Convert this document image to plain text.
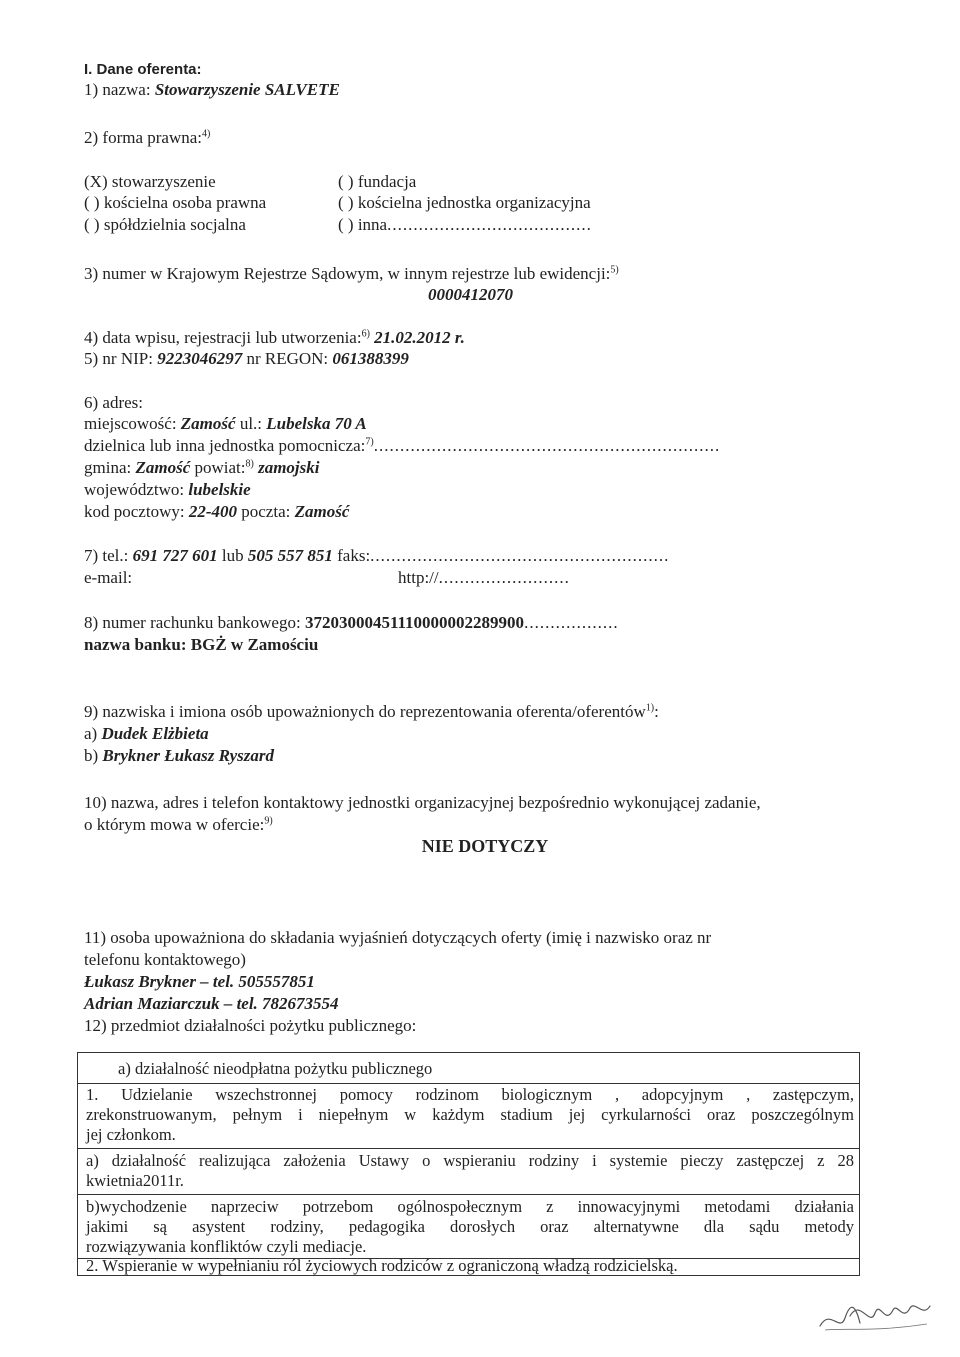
I. Dane oferenta:
1) nazwa: Stowarzyszenie SALVETE
2) forma prawna:$^{4)}$
(X) stowarzyszenie	( ) fundacja
( ) kościelna osoba prawna	( ) kościelna jednostka organizacyjna
( ) spółdzielnia socjalna	( ) inna.......................................
3) numer w Krajowym Rejestrze Sądowym, w innym rejestrze lub ewidencji:$^{5)}$
0000412070
4) data wpisu, rejestracji lub utworzenia:$^{6)}$ 21.02.2012 r.
5) nr NIP: 9223046297 nr REGON: 061388399
6) adres:
miejscowość: Zamość ul.: Lubelska 70 A
dzielnica lub inna jednostka pomocnicza:$^{7)}$..................................................................
gmina: Zamość powiat:$^{8)}$ zamojski
województwo: lubelskie
kod pocztowy: 22-400 poczta: Zamość
7) tel.: 691 727 601 lub 505 557 851 faks:.........................................................
e-mail:	http://.........................
8) numer rachunku bankowego: 37203000451110000002289900..................
nazwa banku: BGŻ w Zamościu
9) nazwiska i imiona osób upoważnionych do reprezentowania oferenta/oferentów$^{1)}$:
a) Dudek Elżbieta
b) Brykner Łukasz Ryszard
10) nazwa, adres i telefon kontaktowy jednostki organizacyjnej bezpośrednio wykonującej zadanie,
o którym mowa w ofercie:$^{9)}$
NIE DOTYCZY
11) osoba upoważniona do składania wyjaśnień dotyczących oferty (imię i nazwisko oraz nr
telefonu kontaktowego)
Łukasz Brykner – tel. 505557851
Adrian Maziarczuk – tel. 782673554
12) przedmiot działalności pożytku publicznego:
a) działalność nieodpłatna pożytku publicznego
1. Udzielanie wszechstronnej pomocy rodzinom biologicznym , adopcyjnym , zastępczym,
zrekonstruowanym, pełnym i niepełnym w każdym stadium jej cyrkularności oraz poszczególnym
jej członkom.
a) działalność realizująca założenia Ustawy o wspieraniu rodziny i systemie pieczy zastępczej z 28
kwietnia2011r.
b)wychodzenie naprzeciw potrzebom ogólnospołecznym z innowacyjnymi metodami działania
jakimi są asystent rodziny, pedagogika dorosłych oraz alternatywne dla sądu metody
rozwiązywania konfliktów czyli mediacje.
2. Wspieranie w wypełnianiu ról życiowych rodziców z ograniczoną władzą rodzicielską.
